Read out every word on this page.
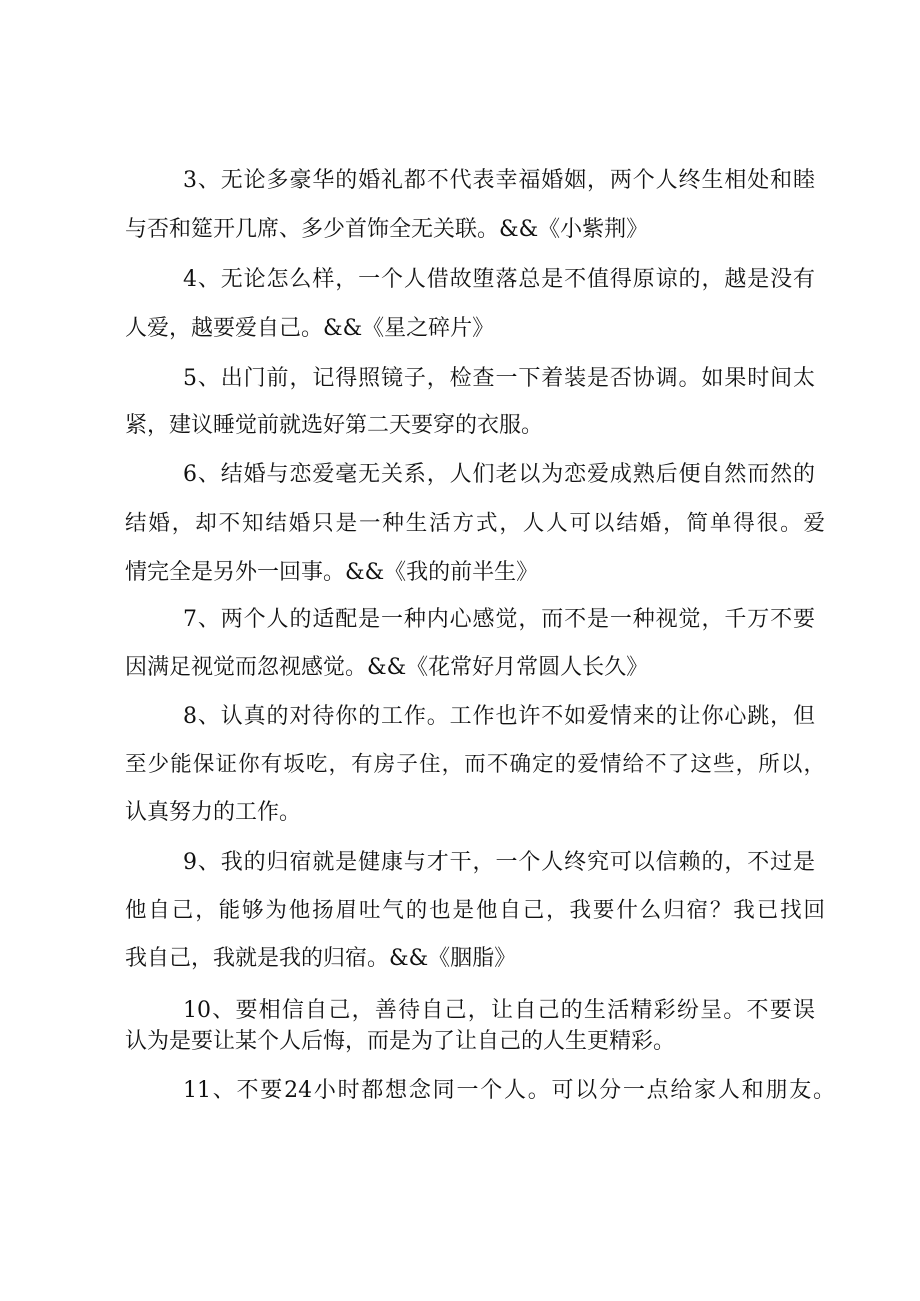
3、无论多豪华的婚礼都不代表幸福婚姻，两个人终生相处和睦
与否和筵开几席、多少首饰全无关联。&&《小紫荆》
4、无论怎么样，一个人借故堕落总是不值得原谅的，越是没有
人爱，越要爱自己。&&《星之碎片》
5、出门前，记得照镜子，检查一下着装是否协调。如果时间太
紧，建议睡觉前就选好第二天要穿的衣服。
6、结婚与恋爱毫无关系，人们老以为恋爱成熟后便自然而然的
结婚，却不知结婚只是一种生活方式，人人可以结婚，简单得很。爱
情完全是另外一回事。&&《我的前半生》
7、两个人的适配是一种内心感觉，而不是一种视觉，千万不要
因满足视觉而忽视感觉。&&《花常好月常圆人长久》
8、认真的对待你的工作。工作也许不如爱情来的让你心跳，但
至少能保证你有坂吃，有房子住，而不确定的爱情给不了这些，所以，
认真努力的工作。
9、我的归宿就是健康与才干，一个人终究可以信赖的，不过是
他自己，能够为他扬眉吐气的也是他自己，我要什么归宿？我已找回
我自己，我就是我的归宿。&&《胭脂》
10、要相信自己，善待自己，让自己的生活精彩纷呈。不要误
认为是要让某个人后悔，而是为了让自己的人生更精彩。
11、不要24小时都想念同一个人。可以分一点给家人和朋友。
